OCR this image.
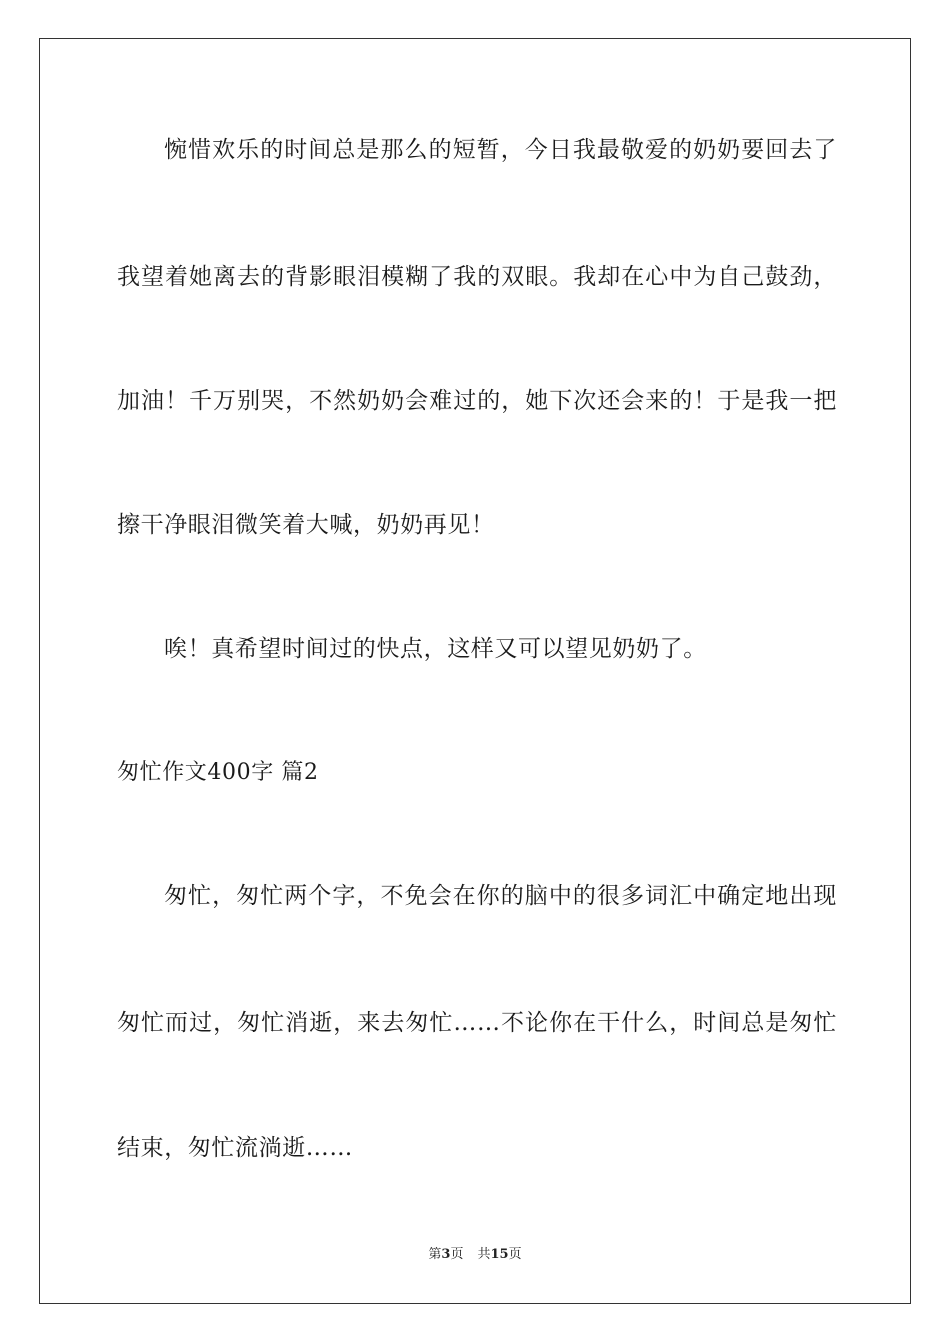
惋惜欢乐的时间总是那么的短暂，今日我最敬爱的奶奶要回去了
我望着她离去的背影眼泪模糊了我的双眼。我却在心中为自己鼓劲，
加油！千万别哭，不然奶奶会难过的，她下次还会来的！于是我一把
擦干净眼泪微笑着大喊，奶奶再见！
唉！真希望时间过的快点，这样又可以望见奶奶了。
匆忙作文400字 篇2
匆忙，匆忙两个字，不免会在你的脑中的很多词汇中确定地出现
匆忙而过，匆忙消逝，来去匆忙……不论你在干什么，时间总是匆忙
结束，匆忙流淌逝……
第3页 共15页
